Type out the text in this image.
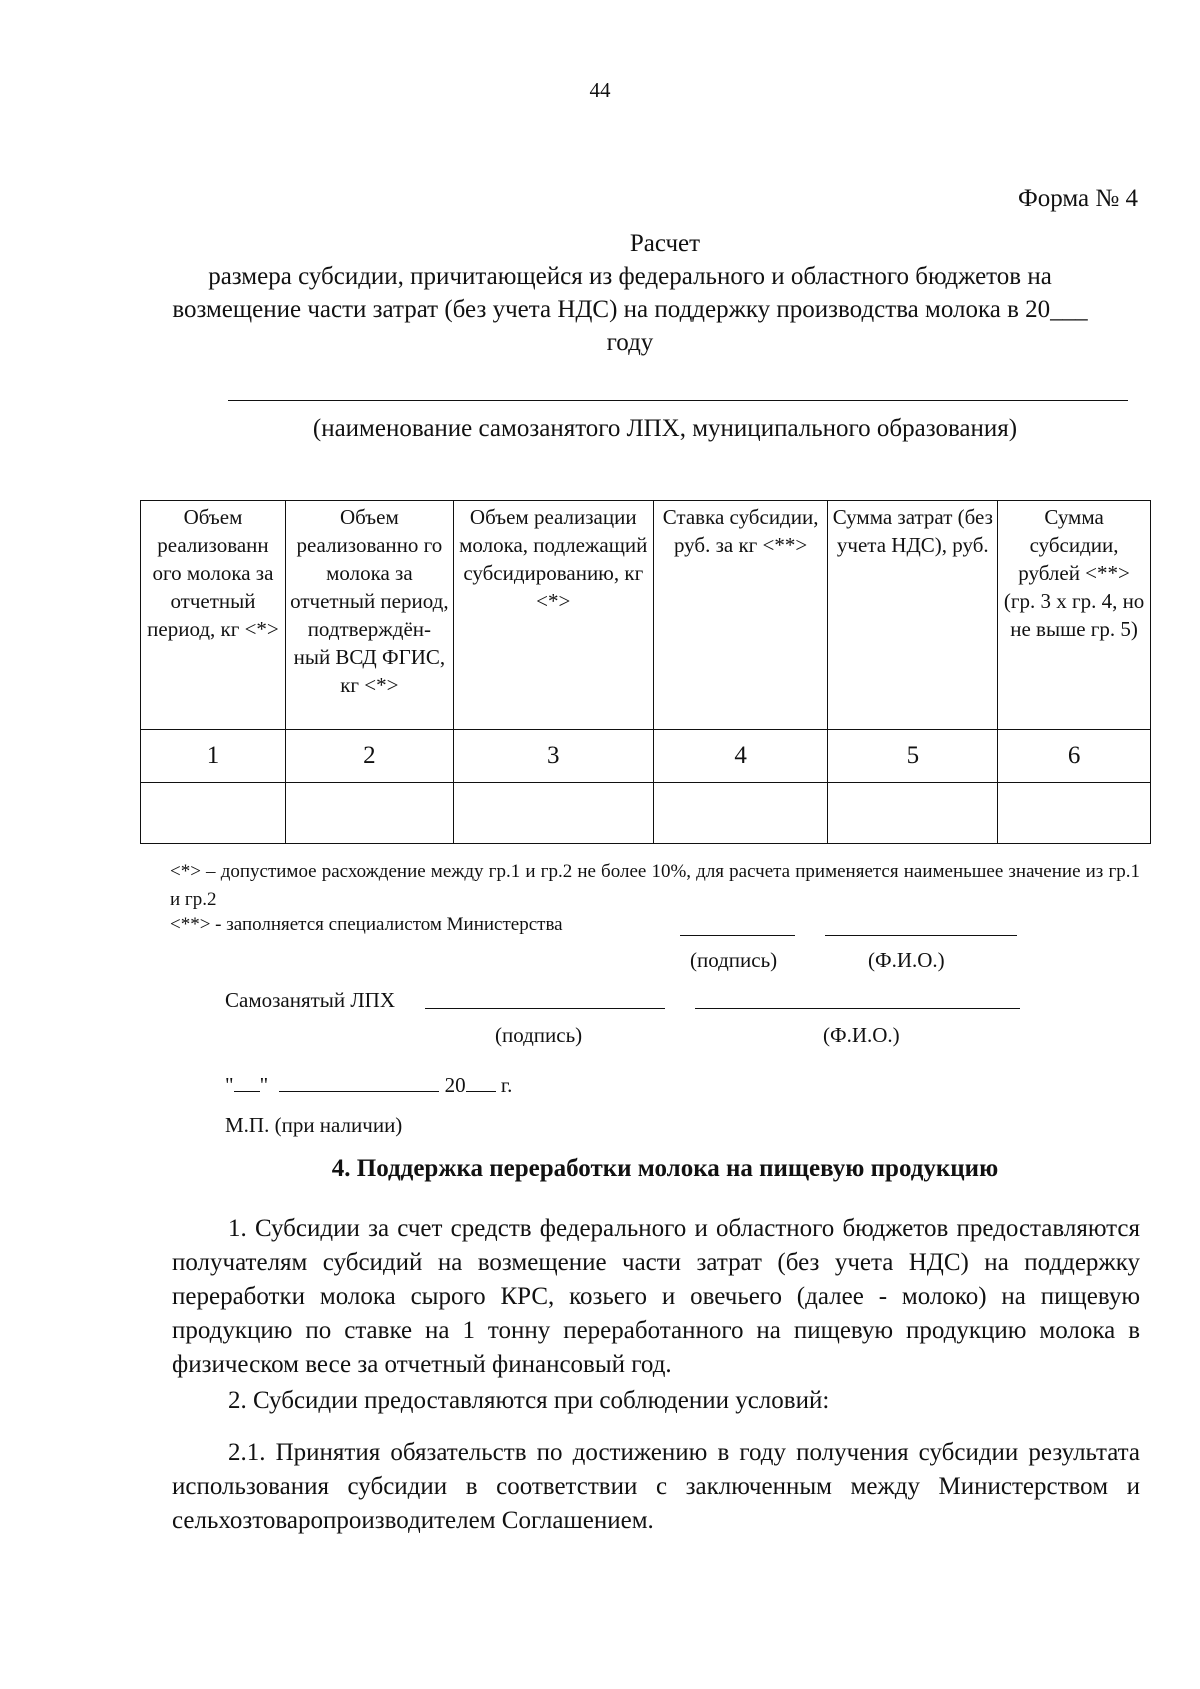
44
Форма № 4
Расчет
размера субсидии, причитающейся из федерального и областного бюджетов на возмещение части затрат (без учета НДС) на поддержку производства молока в 20___ году
(наименование самозанятого ЛПХ, муниципального образования)
Объем реализованн ого молока за отчетный период, кг <*>	Объем реализованно го молока за отчетный период, подтверждён-ный ВСД ФГИС, кг <*>	Объем реализации молока, подлежащий субсидированию, кг <*>	Ставка субсидии, руб. за кг <**>	Сумма затрат (без учета НДС), руб.	Сумма субсидии, рублей <**> (гр. 3 х гр. 4, но не выше гр. 5)
1	2	3	4	5	6

<*> – допустимое расхождение между гр.1 и гр.2 не более 10%, для расчета применяется наименьшее значение из гр.1 и гр.2
<**> - заполняется специалистом Министерства
(подпись)	(Ф.И.О.)
Самозанятый ЛПХ
(подпись)	(Ф.И.О.)
" "	20 г.
М.П. (при наличии)
4. Поддержка переработки молока на пищевую продукцию
1. Субсидии за счет средств федерального и областного бюджетов предоставляются получателям субсидий на возмещение части затрат (без учета НДС) на поддержку переработки молока сырого КРС, козьего и овечьего (далее - молоко) на пищевую продукцию по ставке на 1 тонну переработанного на пищевую продукцию молока в физическом весе за отчетный финансовый год.
2. Субсидии предоставляются при соблюдении условий:
2.1. Принятия обязательств по достижению в году получения субсидии результата использования субсидии в соответствии с заключенным между Министерством и сельхозтоваропроизводителем Соглашением.
